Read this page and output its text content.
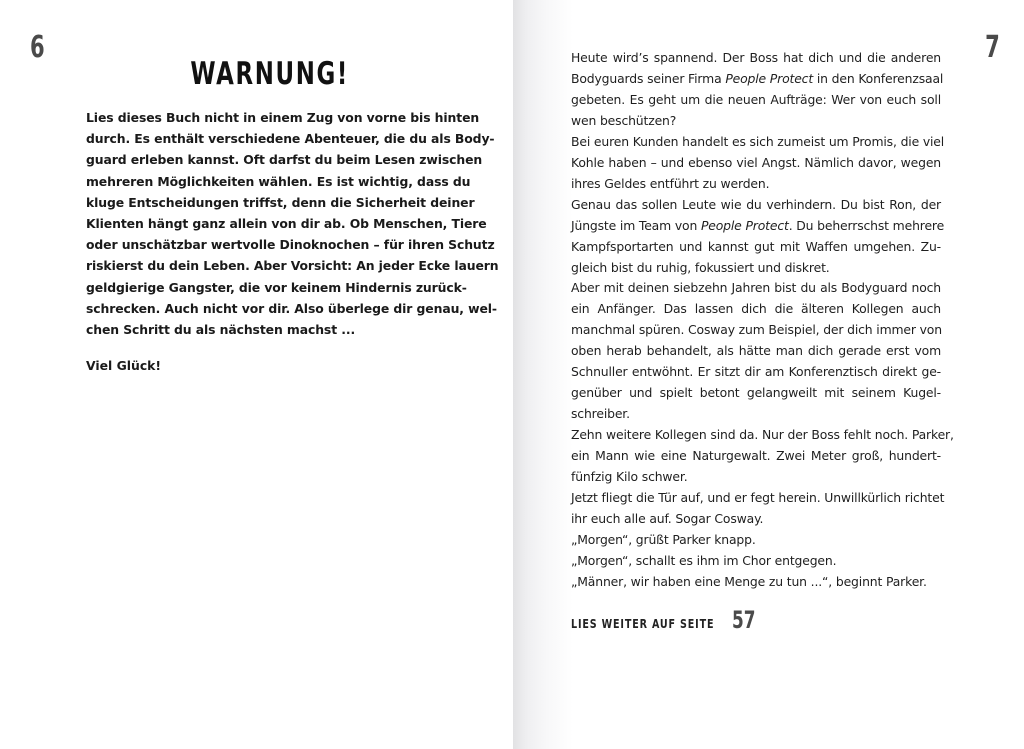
6
WARNUNG!
7
Lies dieses Buch nicht in einem Zug von vorne bis hinten
durch. Es enthält verschiedene Abenteuer, die du als Body-
guard erleben kannst. Oft darfst du beim Lesen zwischen
mehreren Möglichkeiten wählen. Es ist wichtig, dass du
kluge Entscheidungen triffst, denn die Sicherheit deiner
Klienten hängt ganz allein von dir ab. Ob Menschen, Tiere
oder unschätzbar wertvolle Dinoknochen – für ihren Schutz
riskierst du dein Leben. Aber Vorsicht: An jeder Ecke lauern
geldgierige Gangster, die vor keinem Hindernis zurück-
schrecken. Auch nicht vor dir. Also überlege dir genau, wel-
chen Schritt du als nächsten machst ...
Viel Glück!
Heute wird’s spannend. Der Boss hat dich und die anderen
Bodyguards seiner Firma People Protect in den Konferenzsaal
gebeten. Es geht um die neuen Aufträge: Wer von euch soll
wen beschützen?
Bei euren Kunden handelt es sich zumeist um Promis, die viel
Kohle haben – und ebenso viel Angst. Nämlich davor, wegen
ihres Geldes entführt zu werden.
Genau das sollen Leute wie du verhindern. Du bist Ron, der
Jüngste im Team von People Protect. Du beherrschst mehrere
Kampfsportarten und kannst gut mit Waffen umgehen. Zu-
gleich bist du ruhig, fokussiert und diskret.
Aber mit deinen siebzehn Jahren bist du als Bodyguard noch
ein Anfänger. Das lassen dich die älteren Kollegen auch
manchmal spüren. Cosway zum Beispiel, der dich immer von
oben herab behandelt, als hätte man dich gerade erst vom
Schnuller entwöhnt. Er sitzt dir am Konferenztisch direkt ge-
genüber und spielt betont gelangweilt mit seinem Kugel-
schreiber.
Zehn weitere Kollegen sind da. Nur der Boss fehlt noch. Parker,
ein Mann wie eine Naturgewalt. Zwei Meter groß, hundert-
fünfzig Kilo schwer.
Jetzt fliegt die Tür auf, und er fegt herein. Unwillkürlich richtet
ihr euch alle auf. Sogar Cosway.
„Morgen“, grüßt Parker knapp.
„Morgen“, schallt es ihm im Chor entgegen.
„Männer, wir haben eine Menge zu tun ...“, beginnt Parker.
LIES WEITER AUF SEITE 57
